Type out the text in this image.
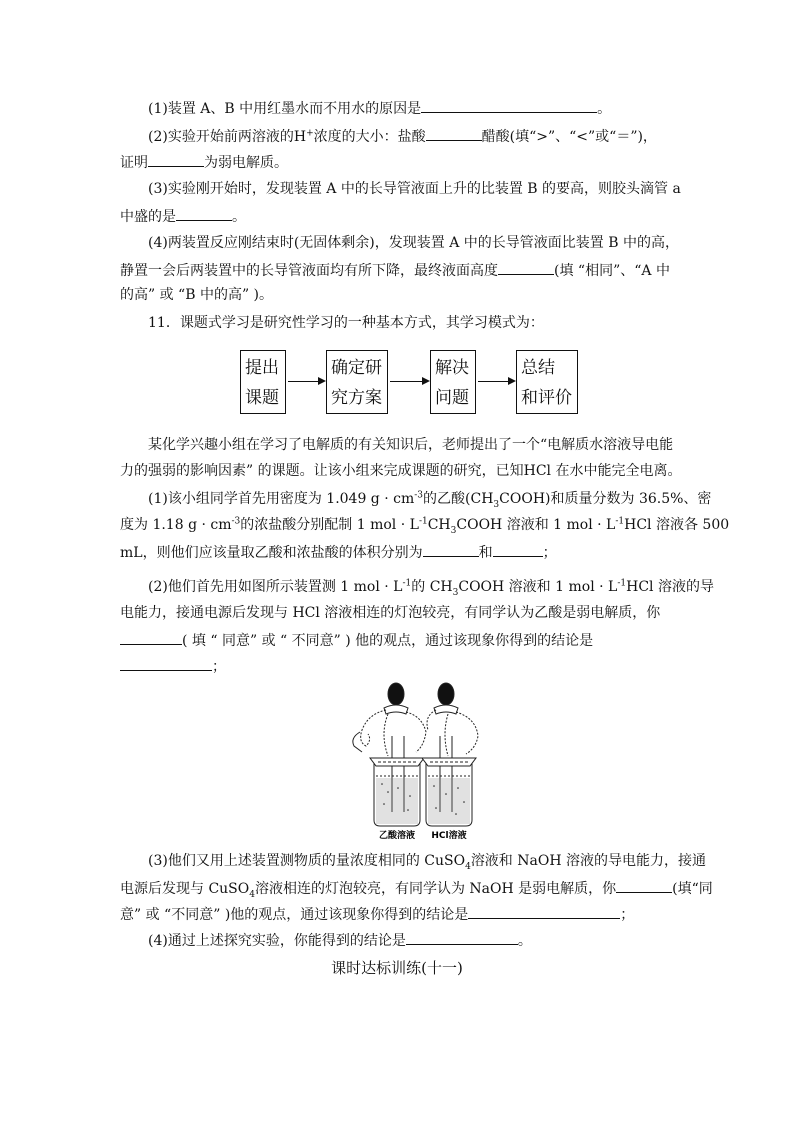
(1)装置 A、B 中用红墨水而不用水的原因是	。
(2)实验开始前两溶液的H+浓度的大小：盐酸	醋酸(填“>”、“<”或“＝”)，
证明	为弱电解质。
(3)实验刚开始时，发现装置 A 中的长导管液面上升的比装置 B 的要高，则胶头滴管 a
中盛的是	。
(4)两装置反应刚结束时(无固体剩余)，发现装置 A 中的长导管液面比装置 B 中的高，
静置一会后两装置中的长导管液面均有所下降，最终液面高度	(填 “相同”、“A 中
的高” 或 “B 中的高” )。
11．课题式学习是研究性学习的一种基本方式，其学习模式为：
提出
课题
确定研
究方案
解决
问题
总结
和评价
某化学兴趣小组在学习了电解质的有关知识后，老师提出了一个“电解质水溶液导电能
力的强弱的影响因素” 的课题。让该小组来完成课题的研究，已知HCl 在水中能完全电离。
(1)该小组同学首先用密度为 1.049 $g \cdot cm^{-3}$的乙酸$(CH_3COOH)$和质量分数为 36.5%、密
度为 1.18 $g \cdot cm^{-3}$的浓盐酸分别配制 1 mol · $L^{-1}CH_3COOH$ 溶液和 1 mol · $L^{-1}HCl$ 溶液各 500
mL，则他们应该量取乙酸和浓盐酸的体积分别为	和	；
(2)他们首先用如图所示装置测 1 mol · $L^{-1}$的 $CH_3COOH$ 溶液和 1 mol · $L^{-1}HCl$ 溶液的导
电能力，接通电源后发现与 HCl 溶液相连的灯泡较亮，有同学认为乙酸是弱电解质，你
( 填 “ 同意” 或 “ 不同意” ) 他的观点，通过该现象你得到的结论是
；
乙酸溶液 HCl溶液
(3)他们又用上述装置测物质的量浓度相同的 CuSO$_4$溶液和 NaOH 溶液的导电能力，接通
电源后发现与 CuSO$_4$溶液相连的灯泡较亮，有同学认为 NaOH 是弱电解质，你	(填“同
意” 或 “不同意” )他的观点，通过该现象你得到的结论是	；
(4)通过上述探究实验，你能得到的结论是	。
课时达标训练(十一)
